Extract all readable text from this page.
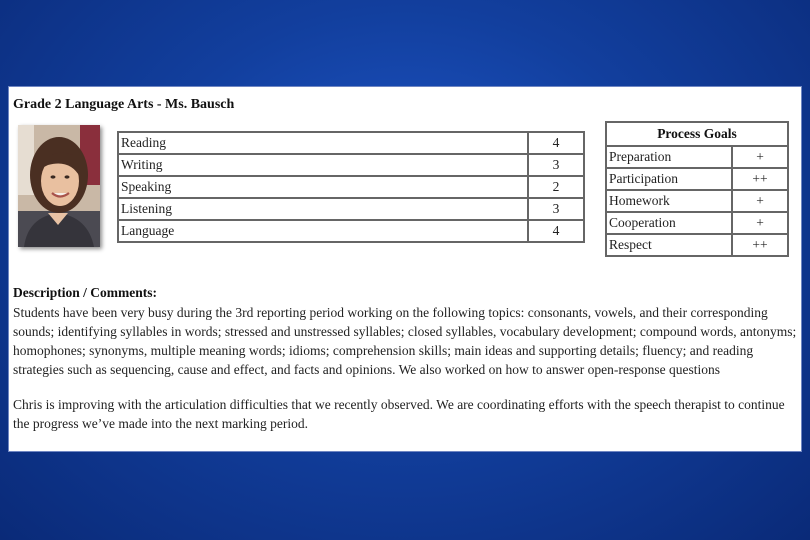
Grade 2 Language Arts - Ms. Bausch
Reading	4
Writing	3
Speaking	2
Listening	3
Language	4
Process Goals	
Preparation	+
Participation	++
Homework	+
Cooperation	+
Respect	++
Description / Comments:

Students have been very busy during the 3rd reporting period working on the following topics: consonants, vowels, and their corresponding sounds; identifying syllables in words; stressed and unstressed syllables; closed syllables, vocabulary development; compound words, antonyms; homophones; synonyms, multiple meaning words; idioms; comprehension skills; main ideas and supporting details; fluency; and reading strategies such as sequencing, cause and effect, and facts and opinions. We also worked on how to answer open-response questions

Chris is improving with the articulation difficulties that we recently observed. We are coordinating efforts with the speech therapist to continue the progress we’ve made into the next marking period.
